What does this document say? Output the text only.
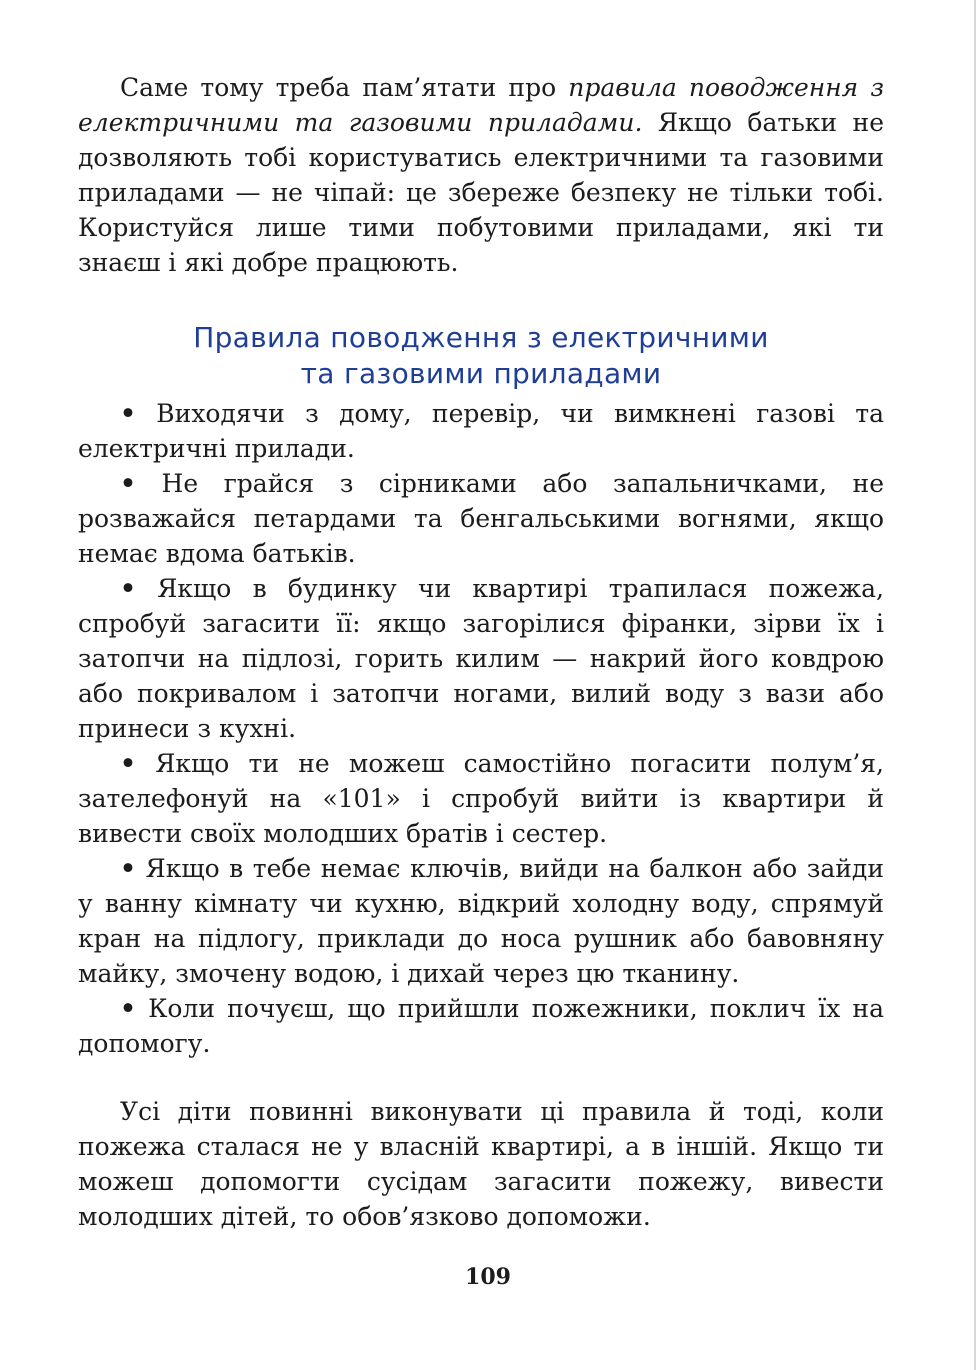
Саме тому треба пам’ятати про правила поводження з електричними та газовими приладами. Якщо батьки не дозволяють тобі користуватись електричними та газовими приладами — не чіпай: це збереже безпеку не тільки тобі. Користуйся лише тими побутовими приладами, які ти знаєш і які добре працюють.

Правила поводження з електричними
та газовими приладами

• Виходячи з дому, перевір, чи вимкнені газові та електричні прилади.

• Не грайся з сірниками або запальничками, не розважайся петардами та бенгальськими вогнями, якщо немає вдома батьків.

• Якщо в будинку чи квартирі трапилася пожежа, спробуй загасити її: якщо загорілися фіранки, зірви їх і затопчи на підлозі, горить килим — накрий його ковдрою або покривалом і затопчи ногами, вилий воду з вази або принеси з кухні.

• Якщо ти не можеш самостійно погасити полум’я, зателефонуй на «101» і спробуй вийти із квартири й вивести своїх молодших братів і сестер.

• Якщо в тебе немає ключів, вийди на балкон або зайди у ванну кімнату чи кухню, відкрий холодну воду, спрямуй кран на підлогу, приклади до носа рушник або бавовняну майку, змочену водою, і дихай через цю тканину.

• Коли почуєш, що прийшли пожежники, поклич їх на допомогу.

Усі діти повинні виконувати ці правила й тоді, коли пожежа сталася не у власній квартирі, а в іншій. Якщо ти можеш допомогти сусідам загасити пожежу, вивести молодших дітей, то обов’язково допоможи.

109
